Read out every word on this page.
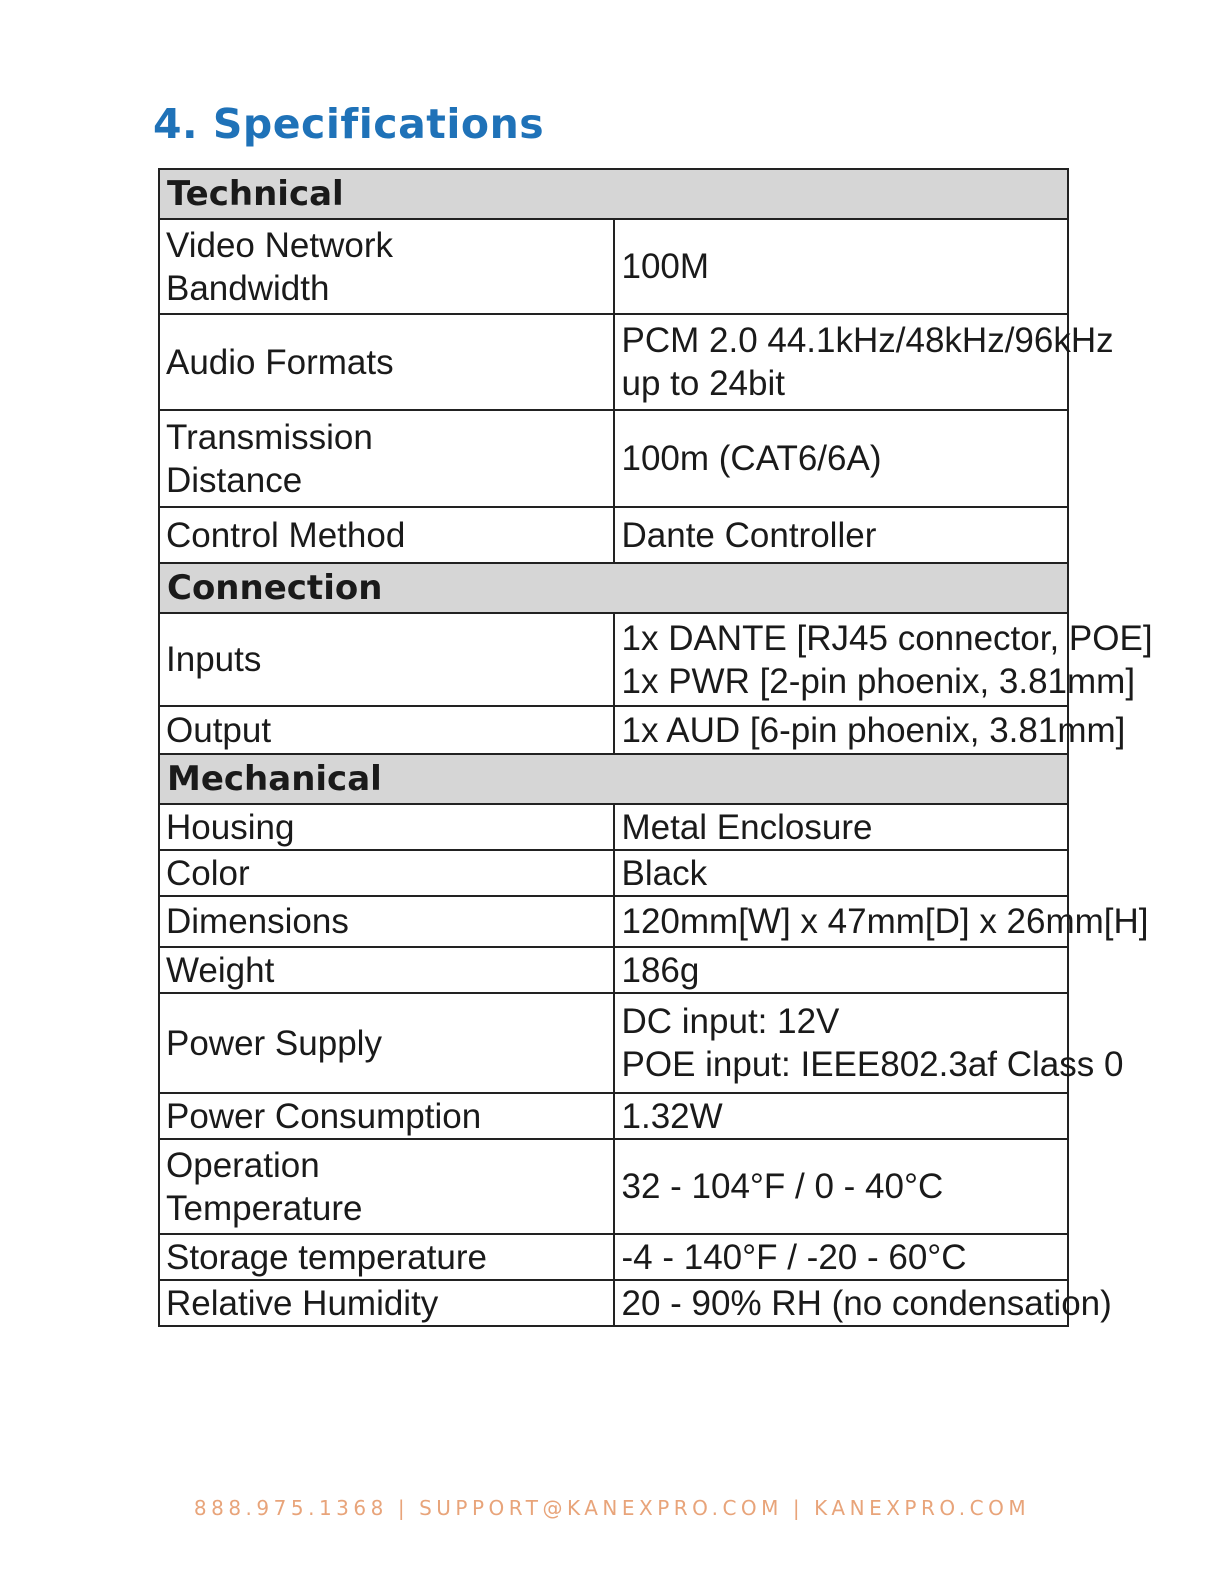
4. Specifications
Technical	

Video Network
Bandwidth	100M

Audio Formats	PCM 2.0 44.1kHz/48kHz/96kHz
up to 24bit

Transmission
Distance	100m (CAT6/6A)

Control Method	Dante Controller

Connection	

Inputs	1x DANTE [RJ45 connector, POE]
1x PWR [2-pin phoenix, 3.81mm]

Output	1x AUD [6-pin phoenix, 3.81mm]

Mechanical	

Housing	Metal Enclosure

Color	Black

Dimensions	120mm[W] x 47mm[D] x 26mm[H]

Weight	186g

Power Supply	DC input: 12V
POE input: IEEE802.3af Class 0

Power Consumption	1.32W

Operation
Temperature	32 - 104°F / 0 - 40°C

Storage temperature	-4 - 140°F / -20 - 60°C

Relative Humidity	20 - 90% RH (no condensation)
888.975.1368 | SUPPORT@KANEXPRO.COM | KANEXPRO.COM
